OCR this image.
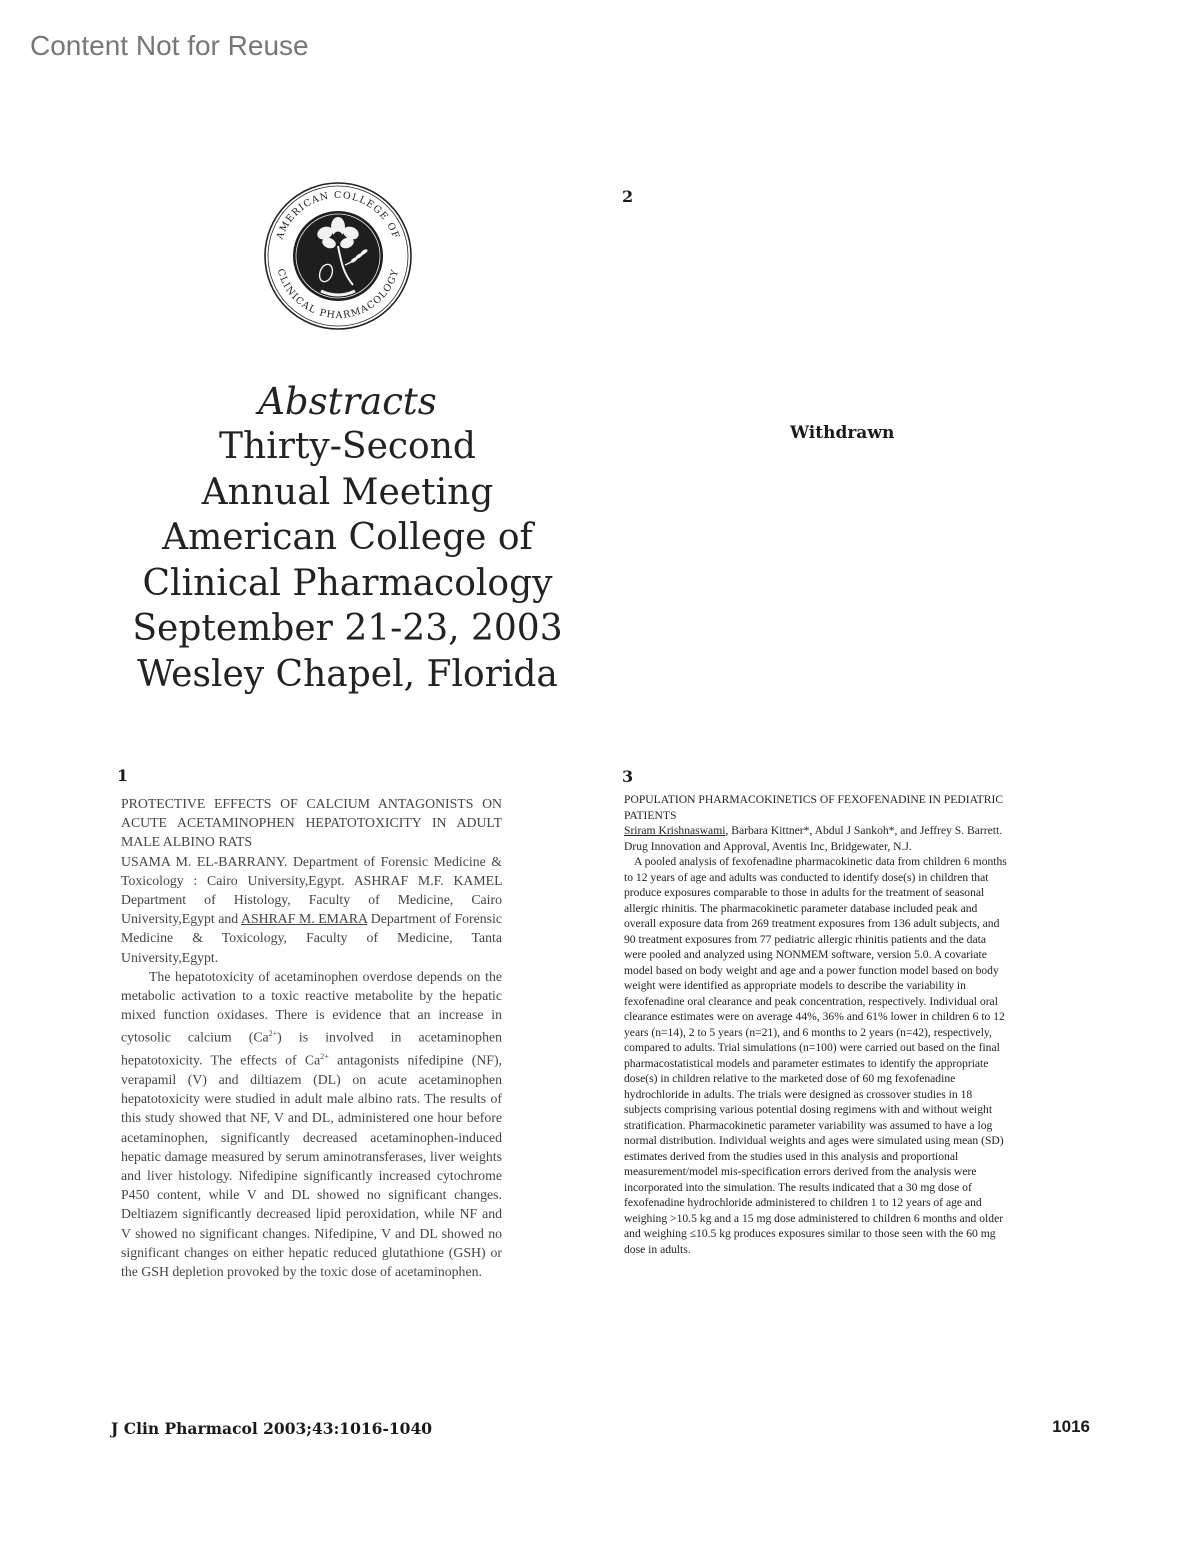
Content Not for Reuse
AMERICAN COLLEGE OF
CLINICAL PHARMACOLOGY
Abstracts
Thirty-Second
Annual Meeting
American College of
Clinical Pharmacology
September 21-23, 2003
Wesley Chapel, Florida
2
Withdrawn
1

PROTECTIVE EFFECTS OF CALCIUM ANTAGONISTS ON ACUTE ACETAMINOPHEN HEPATOTOXICITY IN ADULT MALE ALBINO RATS

USAMA M. EL-BARRANY. Department of Forensic Medicine & Toxicology : Cairo University,Egypt. ASHRAF M.F. KAMEL Department of Histology, Faculty of Medicine, Cairo University,Egypt and ASHRAF M. EMARA Department of Forensic Medicine & Toxicology, Faculty of Medicine, Tanta University,Egypt.

The hepatotoxicity of acetaminophen overdose depends on the metabolic activation to a toxic reactive metabolite by the hepatic mixed function oxidases. There is evidence that an increase in cytosolic calcium $(Ca^{2+})$ is involved in acetaminophen hepatotoxicity. The effects of $Ca^{2+}$ antagonists nifedipine (NF), verapamil (V) and diltiazem (DL) on acute acetaminophen hepatotoxicity were studied in adult male albino rats. The results of this study showed that NF, V and DL, administered one hour before acetaminophen, significantly decreased acetaminophen-induced hepatic damage measured by serum aminotransferases, liver weights and liver histology. Nifedipine significantly increased cytochrome P450 content, while V and DL showed no significant changes. Deltiazem significantly decreased lipid peroxidation, while NF and V showed no significant changes. Nifedipine, V and DL showed no significant changes on either hepatic reduced glutathione (GSH) or the GSH depletion provoked by the toxic dose of acetaminophen.

3

POPULATION PHARMACOKINETICS OF FEXOFENADINE IN PEDIATRIC PATIENTS

Sriram Krishnaswami, Barbara Kittner*, Abdul J Sankoh*, and Jeffrey S. Barrett. Drug Innovation and Approval, Aventis Inc, Bridgewater, N.J.

A pooled analysis of fexofenadine pharmacokinetic data from children 6 months to 12 years of age and adults was conducted to identify dose(s) in children that produce exposures comparable to those in adults for the treatment of seasonal allergic rhinitis. The pharmacokinetic parameter database included peak and overall exposure data from 269 treatment exposures from 136 adult subjects, and 90 treatment exposures from 77 pediatric allergic rhinitis patients and the data were pooled and analyzed using NONMEM software, version 5.0. A covariate model based on body weight and age and a power function model based on body weight were identified as appropriate models to describe the variability in fexofenadine oral clearance and peak concentration, respectively. Individual oral clearance estimates were on average 44%, 36% and 61% lower in children 6 to 12 years (n=14), 2 to 5 years (n=21), and 6 months to 2 years (n=42), respectively, compared to adults. Trial simulations (n=100) were carried out based on the final pharmacostatistical models and parameter estimates to identify the appropriate dose(s) in children relative to the marketed dose of 60 mg fexofenadine hydrochloride in adults. The trials were designed as crossover studies in 18 subjects comprising various potential dosing regimens with and without weight stratification. Pharmacokinetic parameter variability was assumed to have a log normal distribution. Individual weights and ages were simulated using mean (SD) estimates derived from the studies used in this analysis and proportional measurement/model mis-specification errors derived from the analysis were incorporated into the simulation. The results indicated that a 30 mg dose of fexofenadine hydrochloride administered to children 1 to 12 years of age and weighing >10.5 kg and a 15 mg dose administered to children 6 months and older and weighing ≤10.5 kg produces exposures similar to those seen with the 60 mg dose in adults.

J Clin Pharmacol 2003;43:1016-1040	1016
